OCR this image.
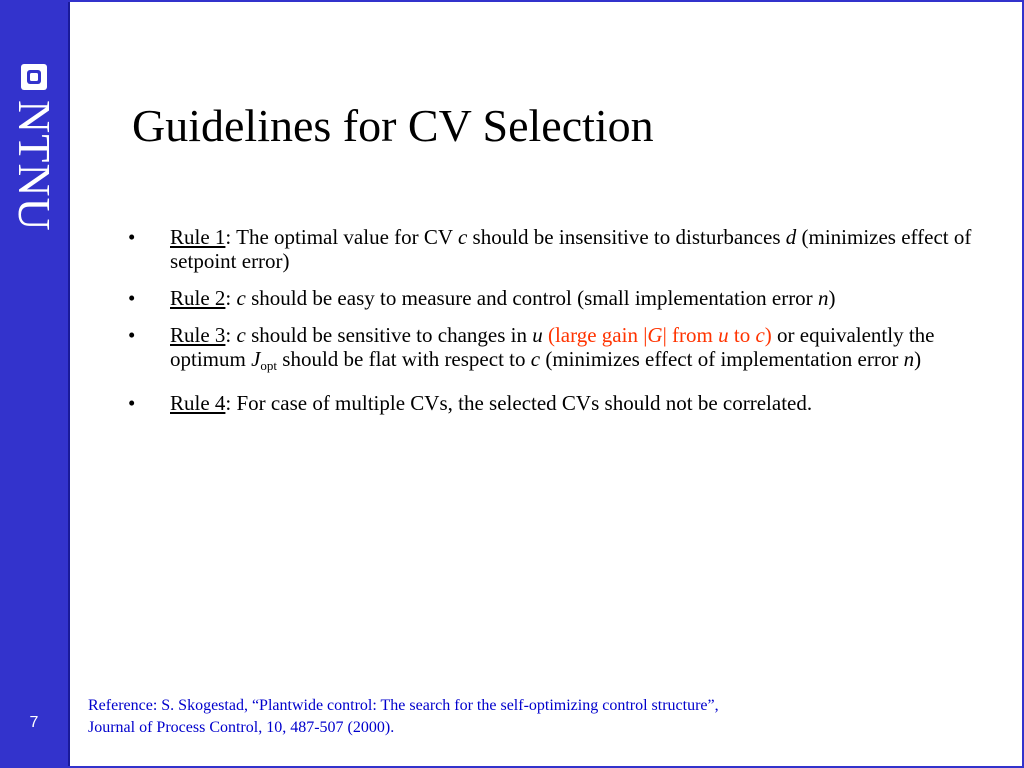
NTNU
7
Guidelines for CV Selection
• Rule 1: The optimal value for CV c should be insensitive to disturbances d (minimizes effect of setpoint error)
• Rule 2: c should be easy to measure and control (small implementation error n)
• Rule 3: c should be sensitive to changes in u (large gain |G| from u to c) or equivalently the optimum $J_{opt}$ should be flat with respect to c (minimizes effect of implementation error n)
• Rule 4: For case of multiple CVs, the selected CVs should not be correlated.
Reference: S. Skogestad, “Plantwide control: The search for the self-optimizing control structure”,
Journal of Process Control, 10, 487-507 (2000).
